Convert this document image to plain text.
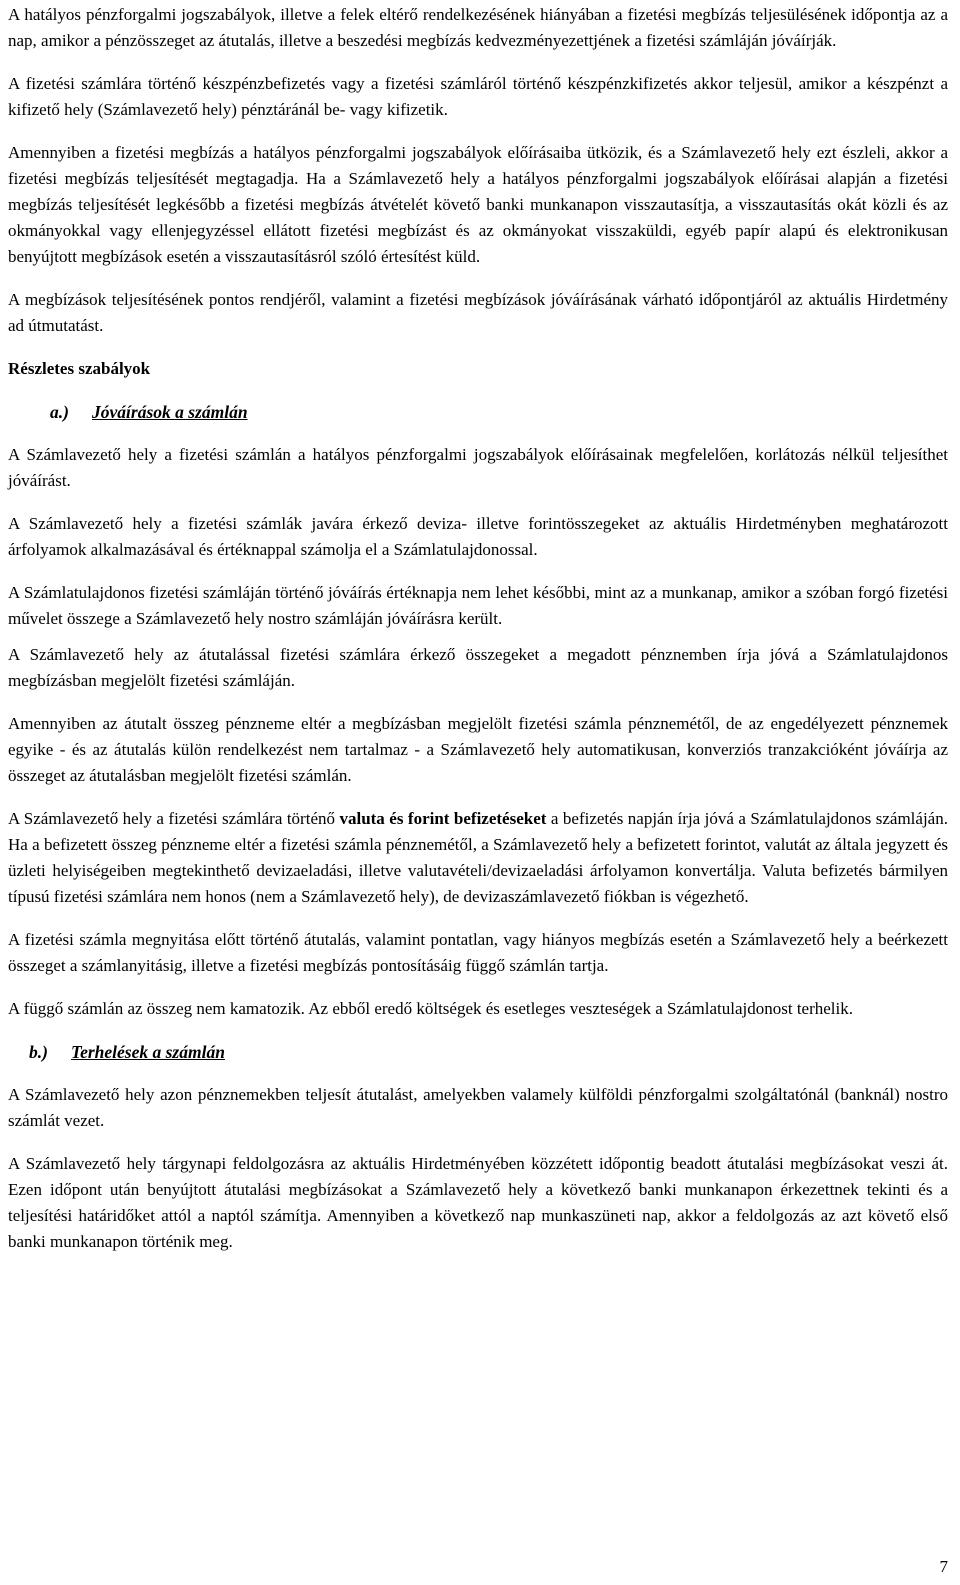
A hatályos pénzforgalmi jogszabályok, illetve a felek eltérő rendelkezésének hiányában a fizetési megbízás teljesülésének időpontja az a nap, amikor a pénzösszeget az átutalás, illetve a beszedési megbízás kedvezményezettjének a fizetési számláján jóváírják.

A fizetési számlára történő készpénzbefizetés vagy a fizetési számláról történő készpénzkifizetés akkor teljesül, amikor a készpénzt a kifizető hely (Számlavezető hely) pénztáránál be- vagy kifizetik.

Amennyiben a fizetési megbízás a hatályos pénzforgalmi jogszabályok előírásaiba ütközik, és a Számlavezető hely ezt észleli, akkor a fizetési megbízás teljesítését megtagadja. Ha a Számlavezető hely a hatályos pénzforgalmi jogszabályok előírásai alapján a fizetési megbízás teljesítését legkésőbb a fizetési megbízás átvételét követő banki munkanapon visszautasítja, a visszautasítás okát közli és az okmányokkal vagy ellenjegyzéssel ellátott fizetési megbízást és az okmányokat visszaküldi, egyéb papír alapú és elektronikusan benyújtott megbízások esetén a visszautasításról szóló értesítést küld.

A megbízások teljesítésének pontos rendjéről, valamint a fizetési megbízások jóváírásának várható időpontjáról az aktuális Hirdetmény ad útmutatást.

Részletes szabályok
a.) Jóváírások a számlán

A Számlavezető hely a fizetési számlán a hatályos pénzforgalmi jogszabályok előírásainak megfelelően, korlátozás nélkül teljesíthet jóváírást.

A Számlavezető hely a fizetési számlák javára érkező deviza- illetve forintösszegeket az aktuális Hirdetményben meghatározott árfolyamok alkalmazásával és értéknappal számolja el a Számlatulajdonossal.

A Számlatulajdonos fizetési számláján történő jóváírás értéknapja nem lehet későbbi, mint az a munkanap, amikor a szóban forgó fizetési művelet összege a Számlavezető hely nostro számláján jóváírásra került.

A Számlavezető hely az átutalással fizetési számlára érkező összegeket a megadott pénznemben írja jóvá a Számlatulajdonos megbízásban megjelölt fizetési számláján.

Amennyiben az átutalt összeg pénzneme eltér a megbízásban megjelölt fizetési számla pénznemétől, de az engedélyezett pénznemek egyike - és az átutalás külön rendelkezést nem tartalmaz - a Számlavezető hely automatikusan, konverziós tranzakcióként jóváírja az összeget az átutalásban megjelölt fizetési számlán.

A Számlavezető hely a fizetési számlára történő valuta és forint befizetéseket a befizetés napján írja jóvá a Számlatulajdonos számláján. Ha a befizetett összeg pénzneme eltér a fizetési számla pénznemétől, a Számlavezető hely a befizetett forintot, valutát az általa jegyzett és üzleti helyiségeiben megtekinthető devizaeladási, illetve valutavételi/devizaeladási árfolyamon konvertálja. Valuta befizetés bármilyen típusú fizetési számlára nem honos (nem a Számlavezető hely), de devizaszámlavezető fiókban is végezhető.

A fizetési számla megnyitása előtt történő átutalás, valamint pontatlan, vagy hiányos megbízás esetén a Számlavezető hely a beérkezett összeget a számlanyitásig, illetve a fizetési megbízás pontosításáig függő számlán tartja.

A függő számlán az összeg nem kamatozik. Az ebből eredő költségek és esetleges veszteségek a Számlatulajdonost terhelik.

b.) Terhelések a számlán

A Számlavezető hely azon pénznemekben teljesít átutalást, amelyekben valamely külföldi pénzforgalmi szolgáltatónál (banknál) nostro számlát vezet.

A Számlavezető hely tárgynapi feldolgozásra az aktuális Hirdetményében közzétett időpontig beadott átutalási megbízásokat veszi át. Ezen időpont után benyújtott átutalási megbízásokat a Számlavezető hely a következő banki munkanapon érkezettnek tekinti és a teljesítési határidőket attól a naptól számítja. Amennyiben a következő nap munkaszüneti nap, akkor a feldolgozás az azt követő első banki munkanapon történik meg.

7
